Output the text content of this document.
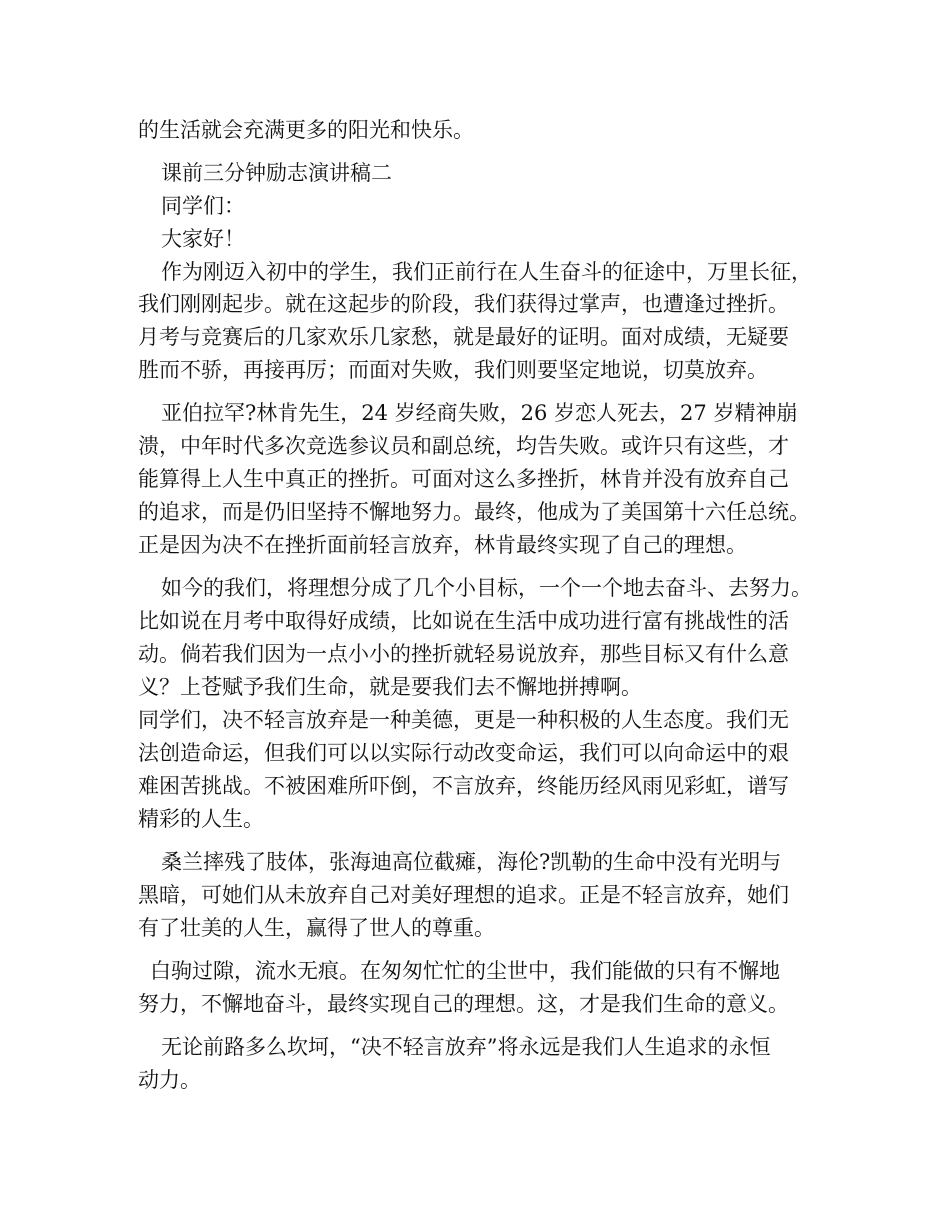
的生活就会充满更多的阳光和快乐。

课前三分钟励志演讲稿二

同学们：

大家好！

作为刚迈入初中的学生，我们正前行在人生奋斗的征途中，万里长征，

我们刚刚起步。就在这起步的阶段，我们获得过掌声，也遭逢过挫折。

月考与竞赛后的几家欢乐几家愁，就是最好的证明。面对成绩，无疑要

胜而不骄，再接再厉；而面对失败，我们则要坚定地说，切莫放弃。

亚伯拉罕?林肯先生，24 岁经商失败，26 岁恋人死去，27 岁精神崩

溃，中年时代多次竞选参议员和副总统，均告失败。或许只有这些，才

能算得上人生中真正的挫折。可面对这么多挫折，林肯并没有放弃自己

的追求，而是仍旧坚持不懈地努力。最终，他成为了美国第十六任总统。

正是因为决不在挫折面前轻言放弃，林肯最终实现了自己的理想。

如今的我们，将理想分成了几个小目标，一个一个地去奋斗、去努力。

比如说在月考中取得好成绩，比如说在生活中成功进行富有挑战性的活

动。倘若我们因为一点小小的挫折就轻易说放弃，那些目标又有什么意

义？上苍赋予我们生命，就是要我们去不懈地拼搏啊。

同学们，决不轻言放弃是一种美德，更是一种积极的人生态度。我们无

法创造命运，但我们可以以实际行动改变命运，我们可以向命运中的艰

难困苦挑战。不被困难所吓倒，不言放弃，终能历经风雨见彩虹，谱写

精彩的人生。

桑兰摔残了肢体，张海迪高位截瘫，海伦?凯勒的生命中没有光明与

黑暗，可她们从未放弃自己对美好理想的追求。正是不轻言放弃，她们

有了壮美的人生，赢得了世人的尊重。

白驹过隙，流水无痕。在匆匆忙忙的尘世中，我们能做的只有不懈地

努力，不懈地奋斗，最终实现自己的理想。这，才是我们生命的意义。

无论前路多么坎坷，“决不轻言放弃”将永远是我们人生追求的永恒

动力。
